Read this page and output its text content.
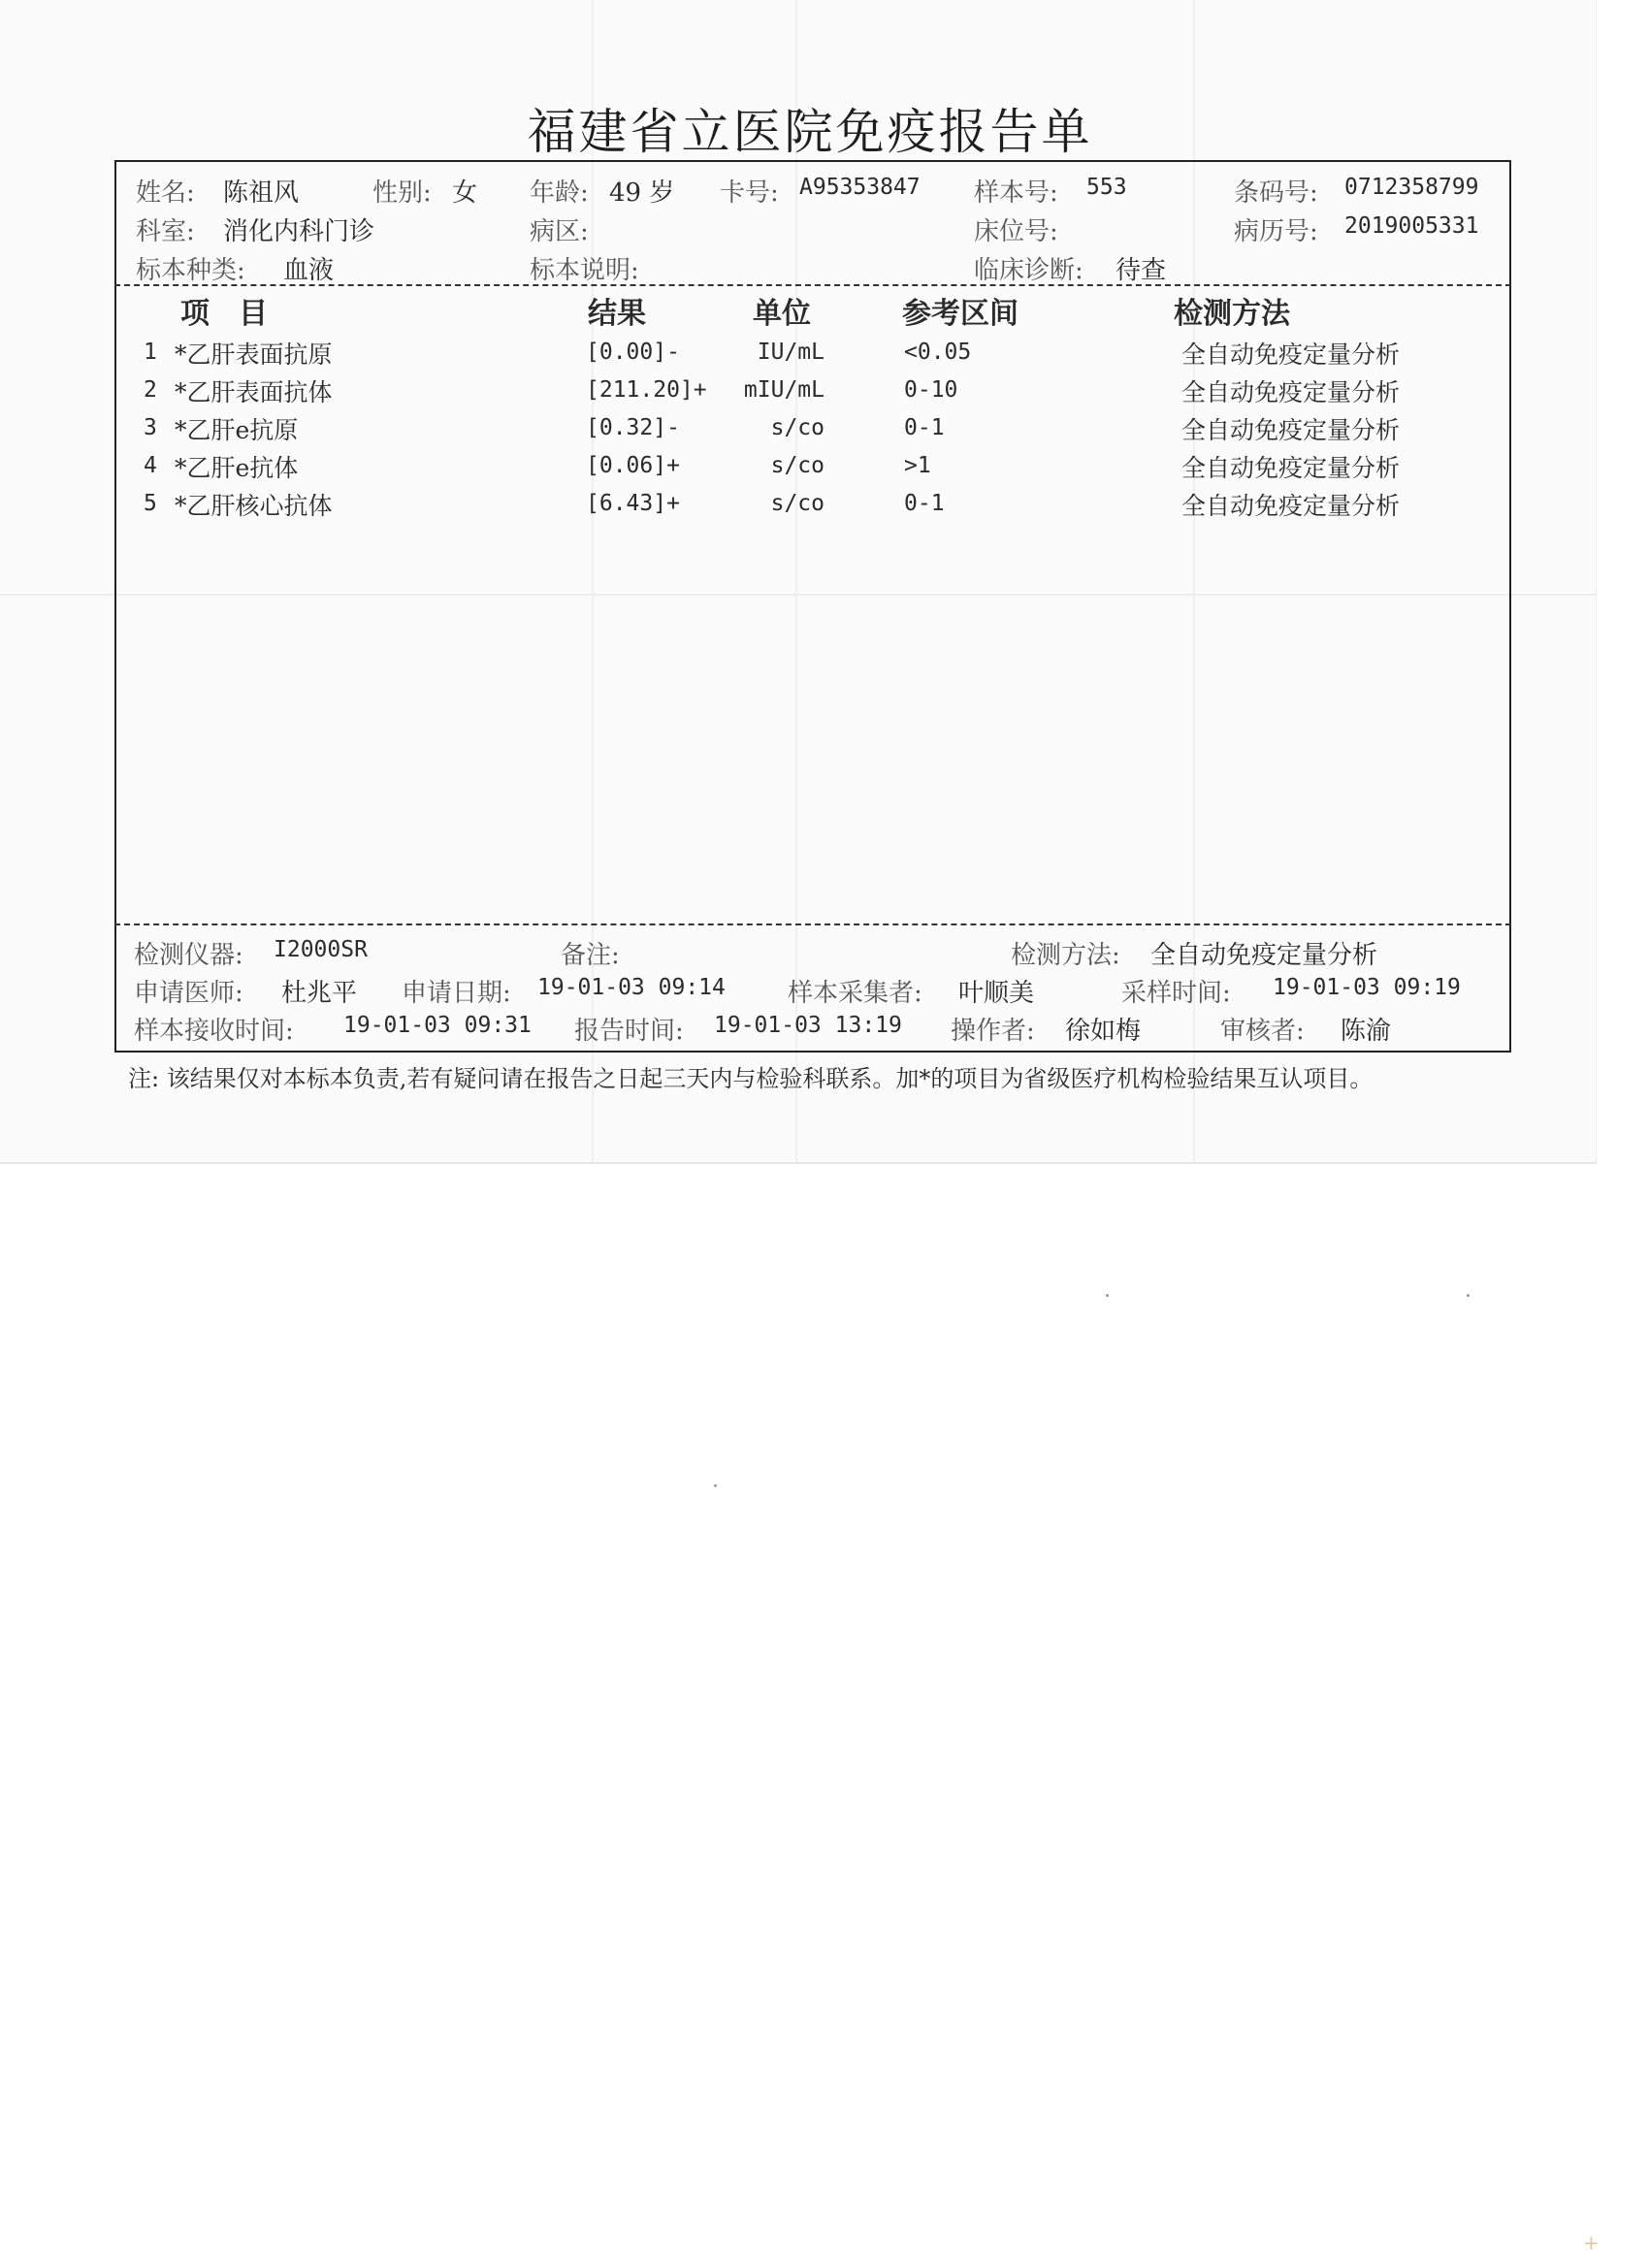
福建省立医院免疫报告单
姓名: 陈祖风	性别: 女 年龄: 49 岁 卡号: A95353847 样本号: 553	条码号: 0712358799
科室: 消化内科门诊	病区:	床位号:	病历号: 2019005331
标本种类: 血液	标本说明:	临床诊断: 待查
项　目	结果	单位	参考区间	检测方法
1 *乙肝表面抗原	[0.00]-	IU/mL	<0.05	全自动免疫定量分析
2 *乙肝表面抗体	[211.20]+	mIU/mL	0-10	全自动免疫定量分析
3 *乙肝e抗原	[0.32]-	s/co	0-1	全自动免疫定量分析
4 *乙肝e抗体	[0.06]+	s/co	>1	全自动免疫定量分析
5 *乙肝核心抗体	[6.43]+	s/co	0-1	全自动免疫定量分析
检测仪器: I2000SR	备注:	检测方法: 全自动免疫定量分析
申请医师: 杜兆平 申请日期: 19-01-03 09:14 样本采集者: 叶顺美	采样时间: 19-01-03 09:19
样本接收时间: 19-01-03 09:31 报告时间: 19-01-03 13:19 操作者: 徐如梅	审核者: 陈渝
注: 该结果仅对本标本负责,若有疑问请在报告之日起三天内与检验科联系。加*的项目为省级医疗机构检验结果互认项目。
+
